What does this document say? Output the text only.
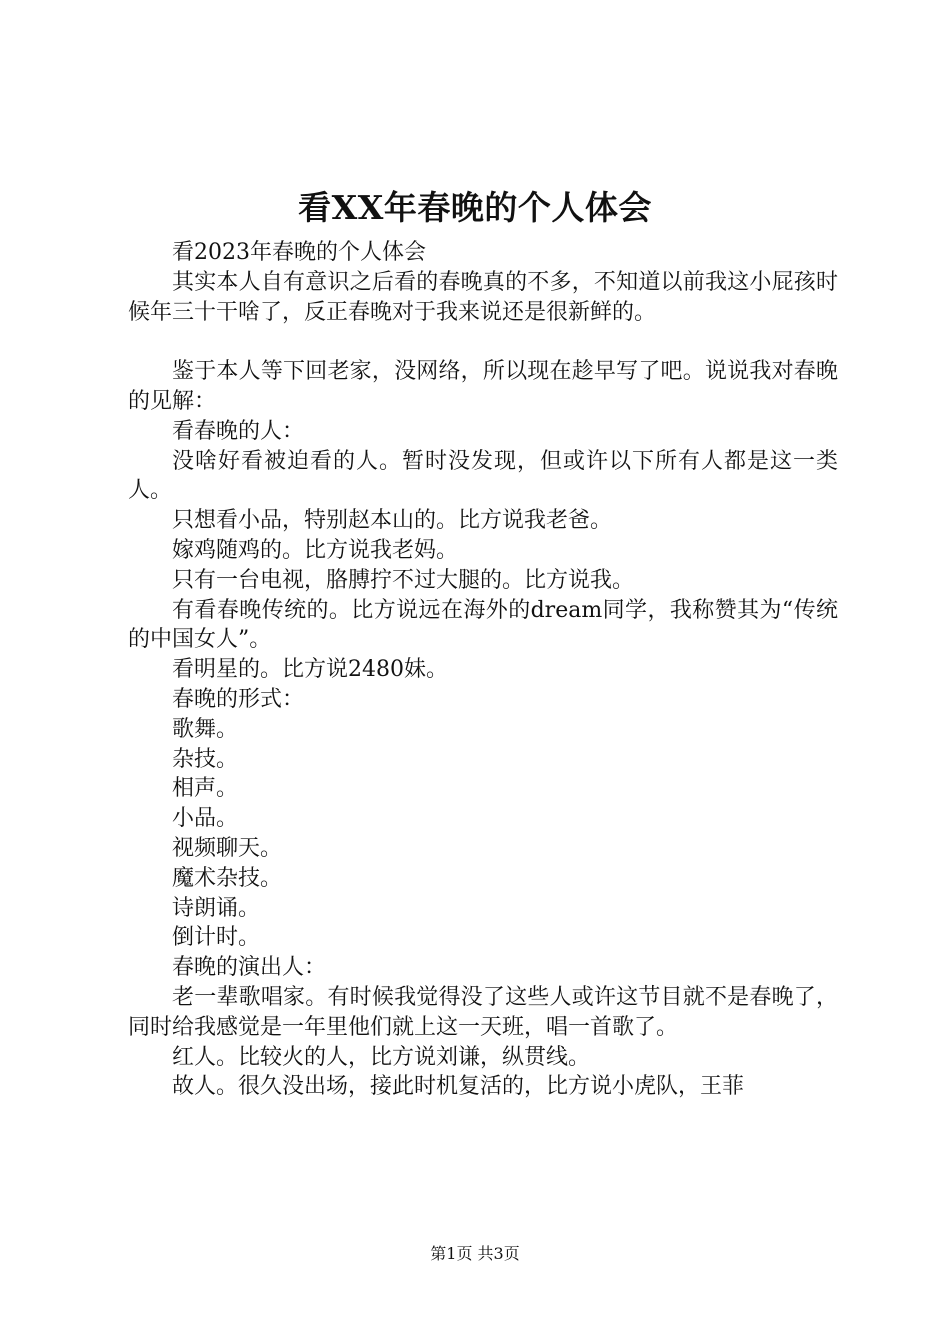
看XX年春晚的个人体会

看2023年春晚的个人体会

其实本人自有意识之后看的春晚真的不多，不知道以前我这小屁孩时候年三十干啥了，反正春晚对于我来说还是很新鲜的。

鉴于本人等下回老家，没网络，所以现在趁早写了吧。说说我对春晚的见解：

看春晚的人：

没啥好看被迫看的人。暂时没发现，但或许以下所有人都是这一类人。

只想看小品，特别赵本山的。比方说我老爸。

嫁鸡随鸡的。比方说我老妈。

只有一台电视，胳膊拧不过大腿的。比方说我。

有看春晚传统的。比方说远在海外的dream同学，我称赞其为“传统的中国女人”。

看明星的。比方说2480妹。

春晚的形式：

歌舞。

杂技。

相声。

小品。

视频聊天。

魔术杂技。

诗朗诵。

倒计时。

春晚的演出人：

老一辈歌唱家。有时候我觉得没了这些人或许这节目就不是春晚了，同时给我感觉是一年里他们就上这一天班，唱一首歌了。

红人。比较火的人，比方说刘谦，纵贯线。

故人。很久没出场，接此时机复活的，比方说小虎队，王菲

第1页 共3页
